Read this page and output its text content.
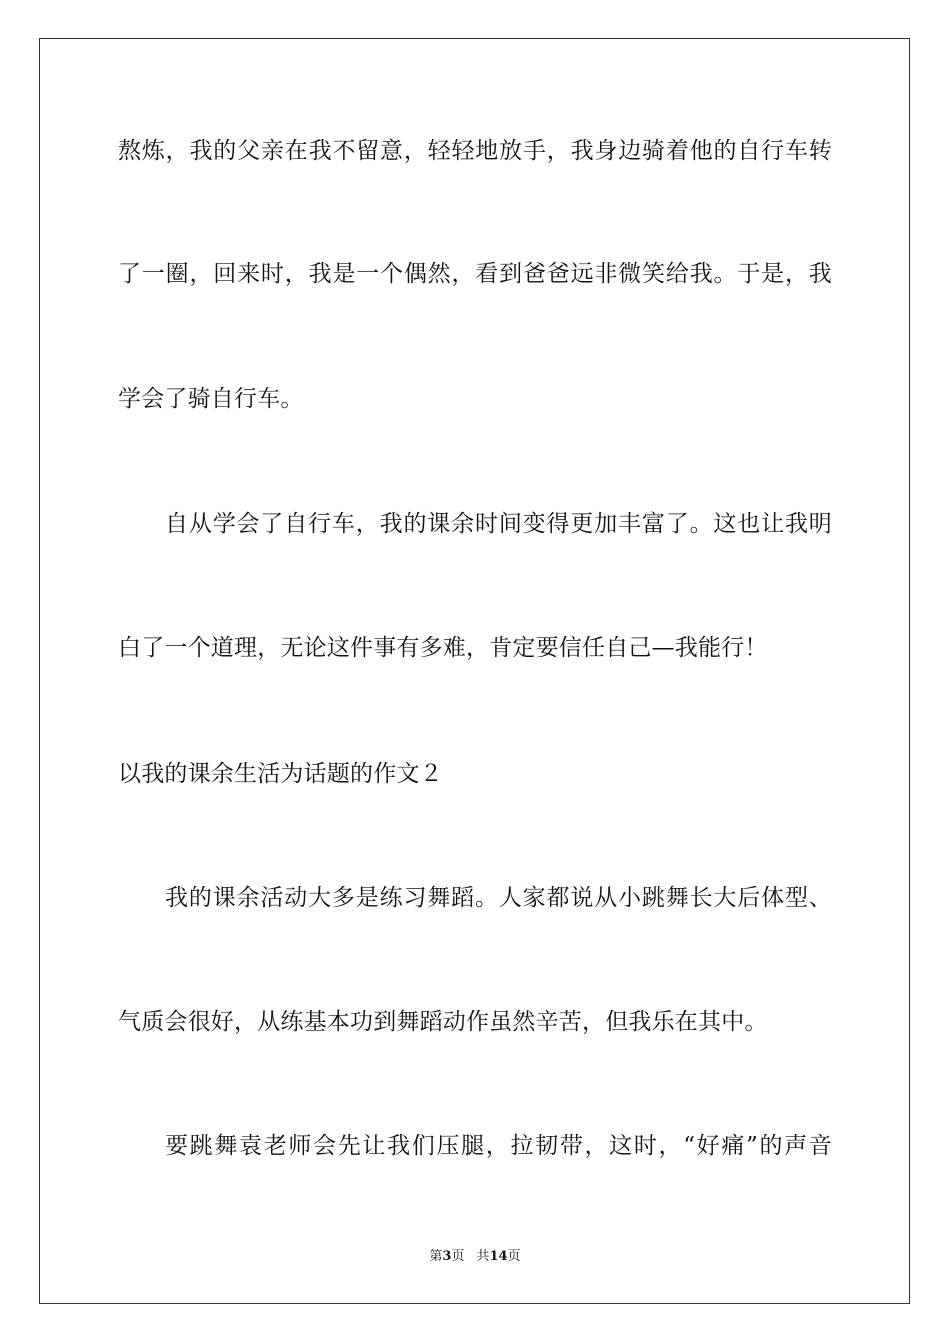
熬炼，我的父亲在我不留意，轻轻地放手，我身边骑着他的自行车转
了一圈，回来时，我是一个偶然，看到爸爸远非微笑给我。于是，我
学会了骑自行车。
自从学会了自行车，我的课余时间变得更加丰富了。这也让我明
白了一个道理，无论这件事有多难，肯定要信任自己—我能行！
以我的课余生活为话题的作文２
我的课余活动大多是练习舞蹈。人家都说从小跳舞长大后体型、
气质会很好，从练基本功到舞蹈动作虽然辛苦，但我乐在其中。
要跳舞袁老师会先让我们压腿，拉韧带，这时，“好痛”的声音
第3页 共14页
